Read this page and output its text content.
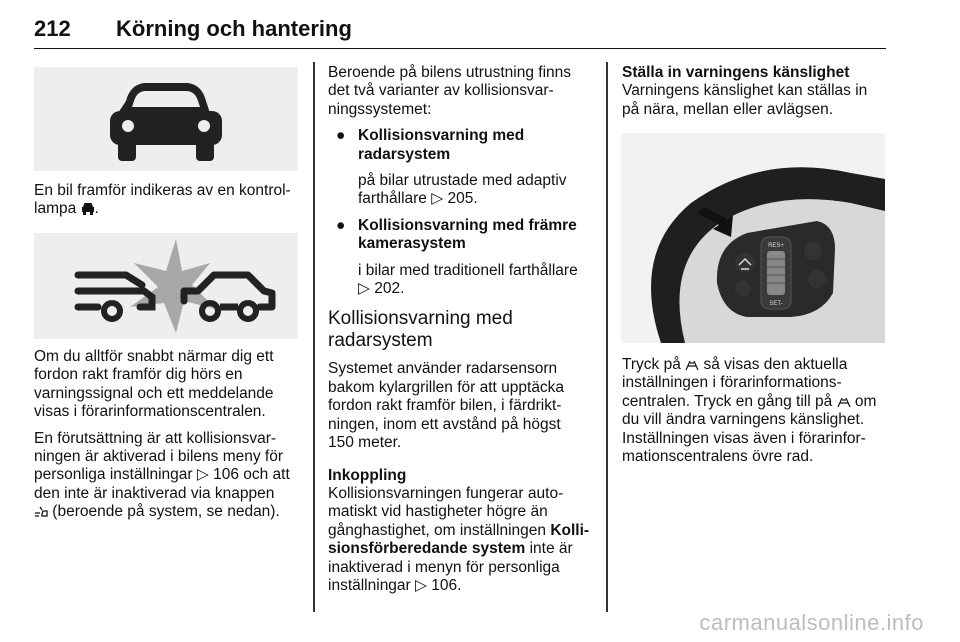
212 Körning och hantering

En bil framför indikeras av en kontrol-
lampa .

Om du alltför snabbt närmar dig ett
fordon rakt framför dig hörs en
varningssignal och ett meddelande
visas i förarinformationscentralen.

En förutsättning är att kollisionsvar-
ningen är aktiverad i bilens meny för
personliga inställningar ▷ 106 och att
den inte är inaktiverad via knappen
(beroende på system, se nedan).

Beroende på bilens utrustning finns
det två varianter av kollisionsvar-
ningssystemet:

● Kollisionsvarning med
radarsystem
på bilar utrustade med adaptiv
farthållare ▷ 205.
● Kollisionsvarning med främre
kamerasystem
i bilar med traditionell farthållare
▷ 202.
Kollisionsvarning med
radarsystem

Systemet använder radarsensorn
bakom kylargrillen för att upptäcka
fordon rakt framför bilen, i färdrikt-
ningen, inom ett avstånd på högst
150 meter.

Inkoppling
Kollisionsvarningen fungerar auto-
matiskt vid hastigheter högre än
gånghastighet, om inställningen Kolli-
sionsförberedande system inte är
inaktiverad i menyn för personliga
inställningar ▷ 106.

Ställa in varningens känslighet
Varningens känslighet kan ställas in
på nära, mellan eller avlägsen.

RES+
SET-

Tryck på  så visas den aktuella
inställningen i förarinformations-
centralen. Tryck en gång till på  om
du vill ändra varningens känslighet.
Inställningen visas även i förarinfor-
mationscentralens övre rad.

carmanualsonline.info
